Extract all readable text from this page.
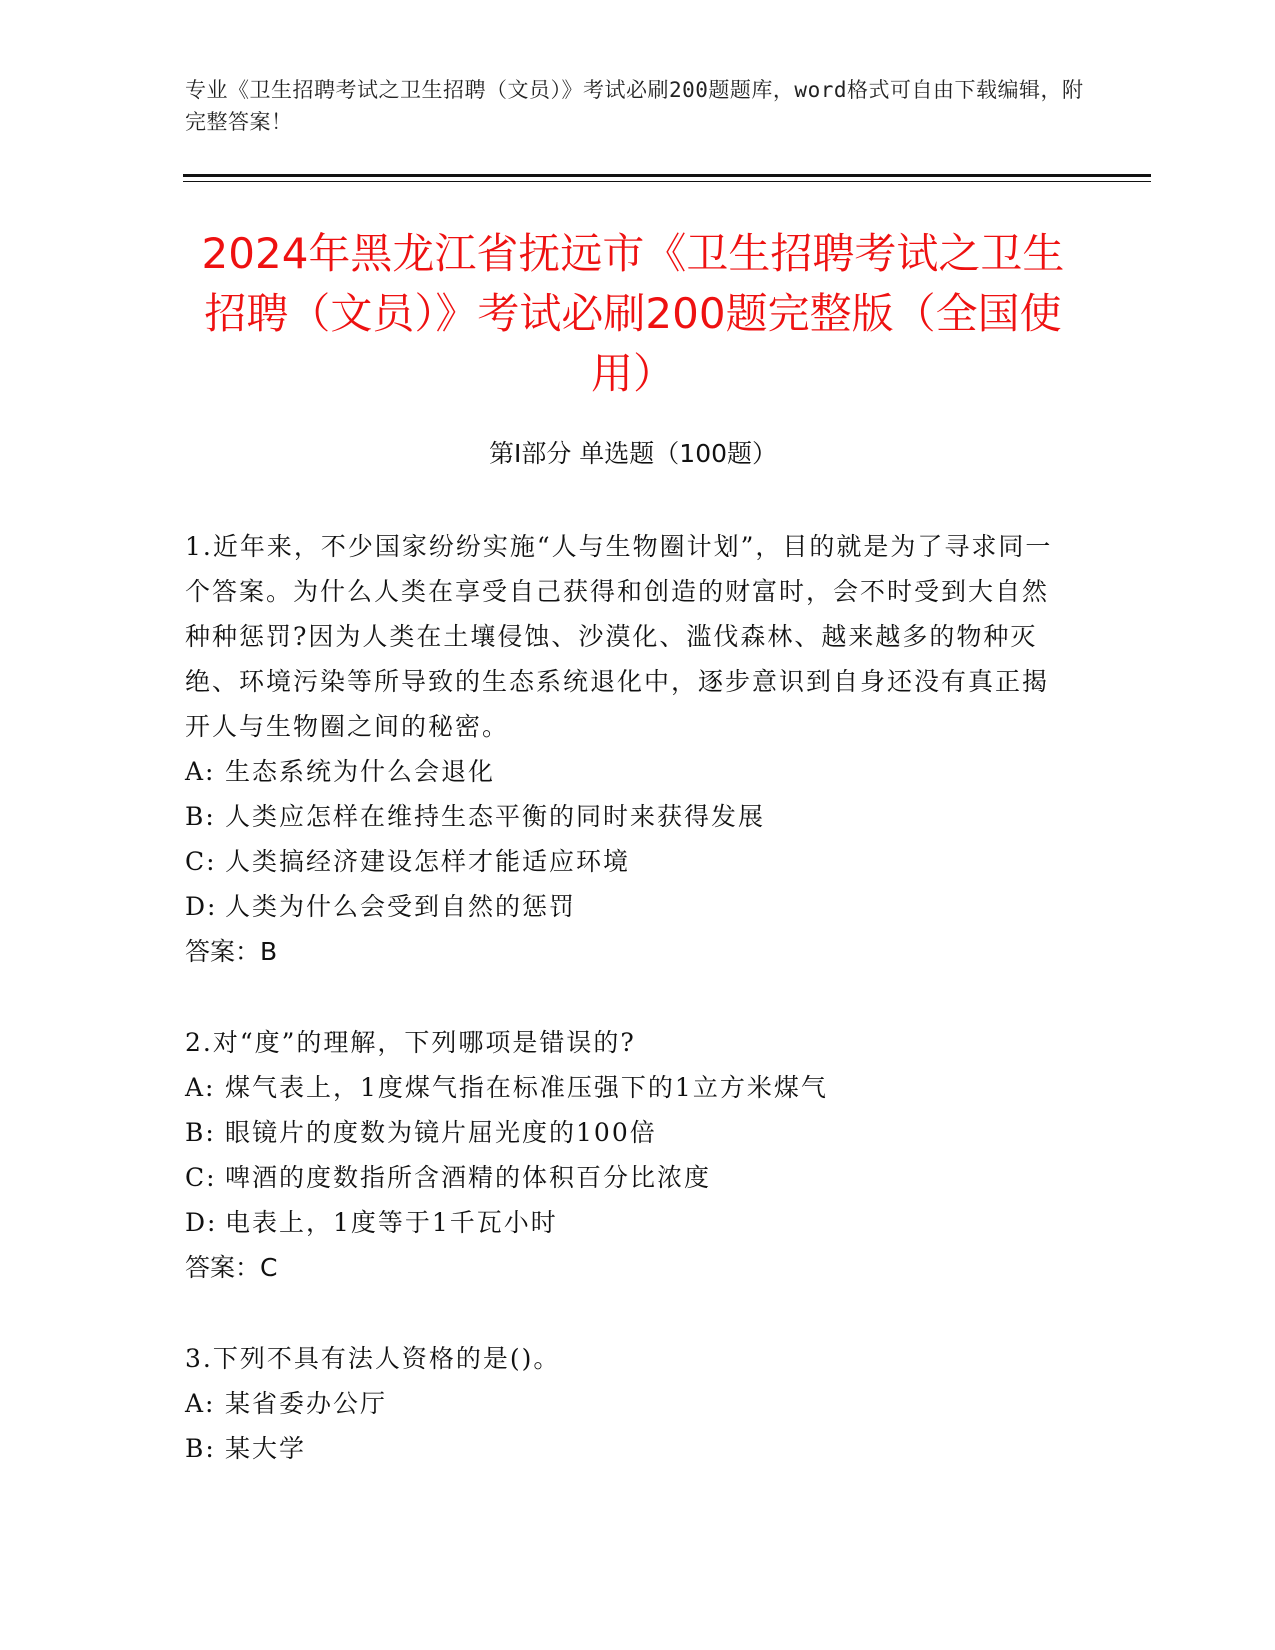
专业《卫生招聘考试之卫生招聘（文员）》考试必刷200题题库，word格式可自由下载编辑，附完整答案！
2024年黑龙江省抚远市《卫生招聘考试之卫生招聘（文员）》考试必刷200题完整版（全国使用）
第Ⅰ部分 单选题（100题）
1.近年来，不少国家纷纷实施“人与生物圈计划”，目的就是为了寻求同一个答案。为什么人类在享受自己获得和创造的财富时，会不时受到大自然种种惩罚?因为人类在土壤侵蚀、沙漠化、滥伐森林、越来越多的物种灭绝、环境污染等所导致的生态系统退化中，逐步意识到自身还没有真正揭开人与生物圈之间的秘密。
A: 生态系统为什么会退化
B: 人类应怎样在维持生态平衡的同时来获得发展
C: 人类搞经济建设怎样才能适应环境
D: 人类为什么会受到自然的惩罚
答案：B
2.对“度”的理解，下列哪项是错误的?
A: 煤气表上，1度煤气指在标准压强下的1立方米煤气
B: 眼镜片的度数为镜片屈光度的100倍
C: 啤酒的度数指所含酒精的体积百分比浓度
D: 电表上，1度等于1千瓦小时
答案：C
3.下列不具有法人资格的是()。
A: 某省委办公厅
B: 某大学
